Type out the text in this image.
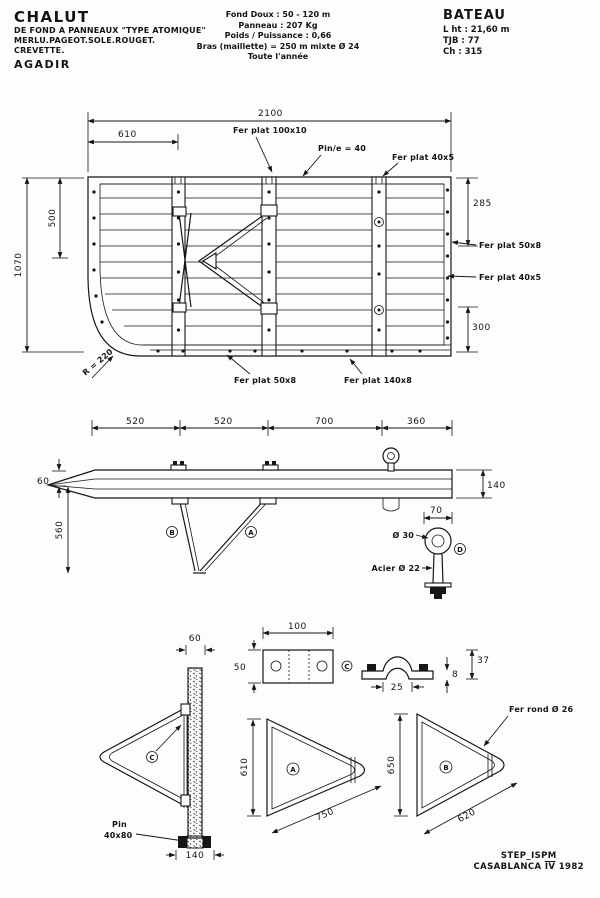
CHALUT
DE FOND A PANNEAUX "TYPE ATOMIQUE"
MERLU.PAGEOT.SOLE.ROUGET.
CREVETTE.
AGADIR
Fond Doux : 50 - 120 m
Panneau : 207 Kg
Poids / Puissance : 0,66
Bras (maillette) = 250 m mixte Ø 24
Toute l'année
BATEAU
L ht : 21,60 m
TJB : 77
Ch : 315
2100
610
1070
500
285
300
R = 220
Fer plat 100x10
Pin/e = 40
Fer plat 40x5
Fer plat 50x8
Fer plat 40x5
Fer plat 50x8	Fer plat 140x8
520	520	700	360
B	A
60
560
140
70
Ø 30
Acier Ø 22
D
100
50	C
25
8
37
60
C
Pin
40x80
140
610	A
750
650	B
620
Fer rond Ø 26
STEP_ISPM
CASABLANCA $\overline{IV}$ 1982
